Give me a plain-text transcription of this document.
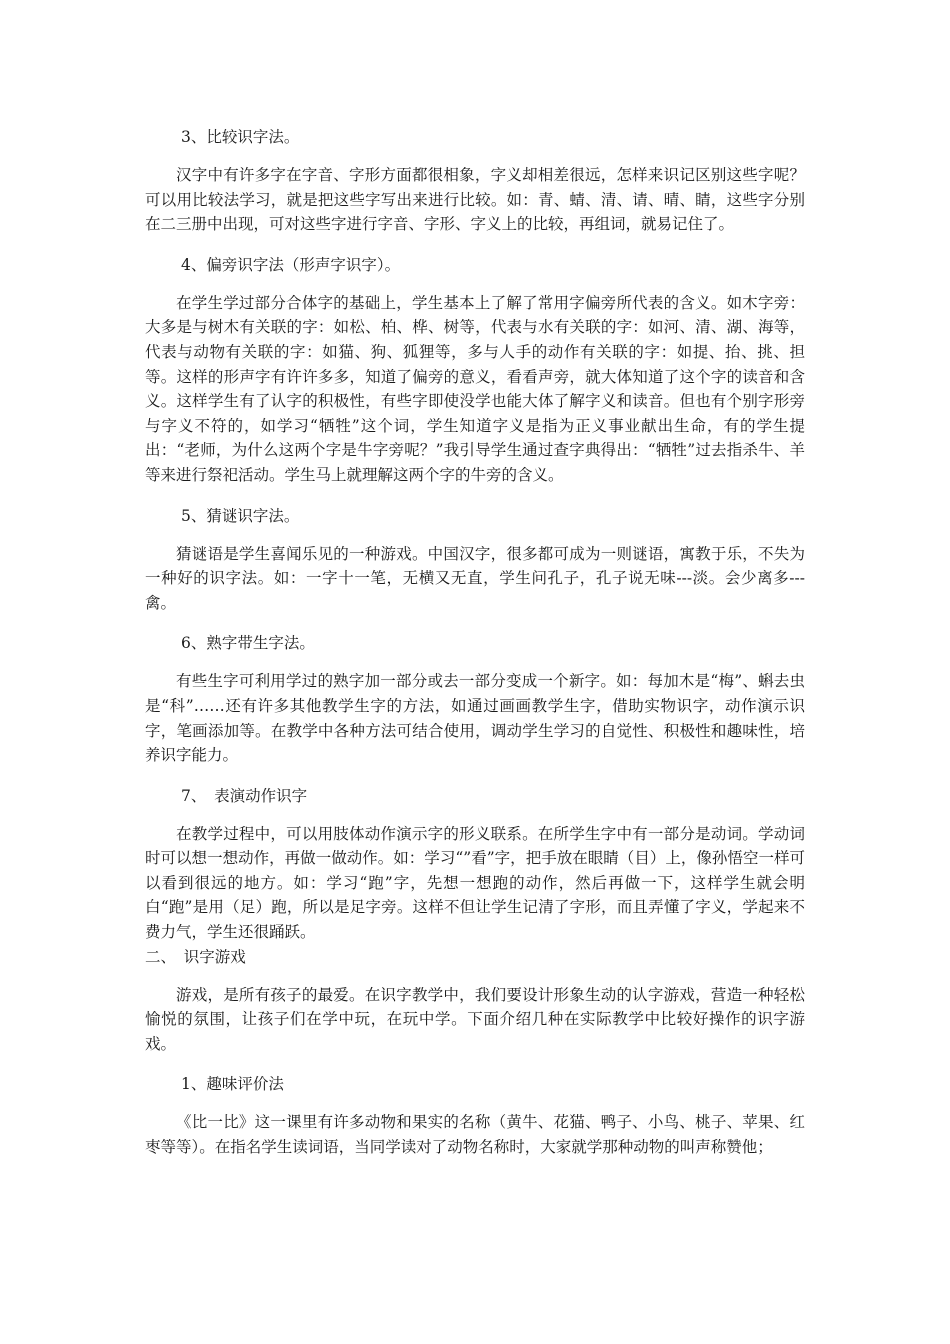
3、比较识字法。

汉字中有许多字在字音、字形方面都很相象，字义却相差很远，怎样来识记区别这些字呢？可以用比较法学习，就是把这些字写出来进行比较。如：青、蜻、清、请、晴、睛，这些字分别在二三册中出现，可对这些字进行字音、字形、字义上的比较，再组词，就易记住了。

4、偏旁识字法（形声字识字）。

在学生学过部分合体字的基础上，学生基本上了解了常用字偏旁所代表的含义。如木字旁：大多是与树木有关联的字：如松、柏、桦、树等，代表与水有关联的字：如河、清、湖、海等，代表与动物有关联的字：如猫、狗、狐狸等，多与人手的动作有关联的字：如提、抬、挑、担等。这样的形声字有许许多多，知道了偏旁的意义，看看声旁，就大体知道了这个字的读音和含义。这样学生有了认字的积极性，有些字即使没学也能大体了解字义和读音。但也有个别字形旁与字义不符的，如学习“牺牲”这个词，学生知道字义是指为正义事业献出生命，有的学生提出：“老师，为什么这两个字是牛字旁呢？”我引导学生通过查字典得出：“牺牲”过去指杀牛、羊等来进行祭祀活动。学生马上就理解这两个字的牛旁的含义。

5、猜谜识字法。

猜谜语是学生喜闻乐见的一种游戏。中国汉字，很多都可成为一则谜语，寓教于乐，不失为一种好的识字法。如：一字十一笔，无横又无直，学生问孔子，孔子说无味---淡。会少离多---禽。

6、熟字带生字法。

有些生字可利用学过的熟字加一部分或去一部分变成一个新字。如：每加木是“梅”、蝌去虫是“科”……还有许多其他教学生字的方法，如通过画画教学生字，借助实物识字，动作演示识字，笔画添加等。在教学中各种方法可结合使用，调动学生学习的自觉性、积极性和趣味性，培养识字能力。

7、　表演动作识字

在教学过程中，可以用肢体动作演示字的形义联系。在所学生字中有一部分是动词。学动词时可以想一想动作，再做一做动作。如：学习“”看”字，把手放在眼睛（目）上，像孙悟空一样可以看到很远的地方。如：学习“跑”字，先想一想跑的动作，然后再做一下，这样学生就会明白“跑”是用（足）跑，所以是足字旁。这样不但让学生记清了字形，而且弄懂了字义，学起来不费力气，学生还很踊跃。

二、　识字游戏

游戏，是所有孩子的最爱。在识字教学中，我们要设计形象生动的认字游戏，营造一种轻松愉悦的氛围，让孩子们在学中玩，在玩中学。下面介绍几种在实际教学中比较好操作的识字游戏。

1、趣味评价法

《比一比》这一课里有许多动物和果实的名称（黄牛、花猫、鸭子、小鸟、桃子、苹果、红枣等等）。在指名学生读词语，当同学读对了动物名称时，大家就学那种动物的叫声称赞他；
